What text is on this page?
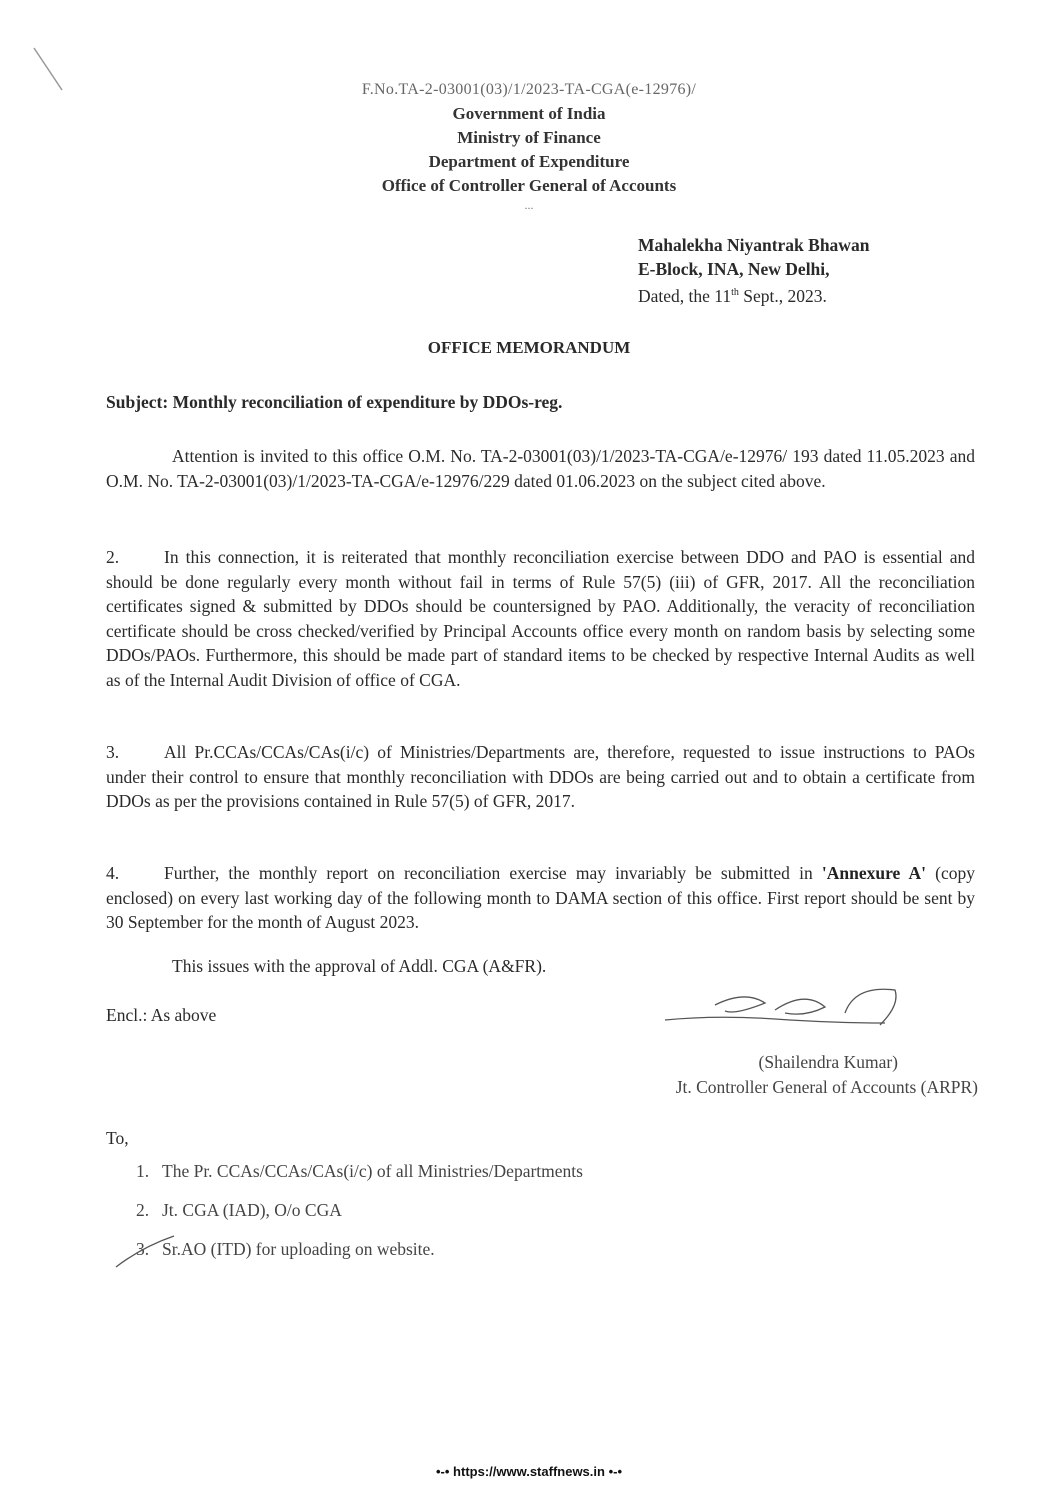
F.No.TA-2-03001(03)/1/2023-TA-CGA(e-12976)/
Government of India
Ministry of Finance
Department of Expenditure
Office of Controller General of Accounts
...
Mahalekha Niyantrak Bhawan
E-Block, INA, New Delhi,
Dated, the 11th Sept., 2023.
OFFICE MEMORANDUM
Subject: Monthly reconciliation of expenditure by DDOs-reg.
Attention is invited to this office O.M. No. TA-2-03001(03)/1/2023-TA-CGA/e-12976/ 193 dated 11.05.2023 and O.M. No. TA-2-03001(03)/1/2023-TA-CGA/e-12976/229 dated 01.06.2023 on the subject cited above.
2.	In this connection, it is reiterated that monthly reconciliation exercise between DDO and PAO is essential and should be done regularly every month without fail in terms of Rule 57(5) (iii) of GFR, 2017. All the reconciliation certificates signed & submitted by DDOs should be countersigned by PAO. Additionally, the veracity of reconciliation certificate should be cross checked/verified by Principal Accounts office every month on random basis by selecting some DDOs/PAOs. Furthermore, this should be made part of standard items to be checked by respective Internal Audits as well as of the Internal Audit Division of office of CGA.
3.	All Pr.CCAs/CCAs/CAs(i/c) of Ministries/Departments are, therefore, requested to issue instructions to PAOs under their control to ensure that monthly reconciliation with DDOs are being carried out and to obtain a certificate from DDOs as per the provisions contained in Rule 57(5) of GFR, 2017.
4.	Further, the monthly report on reconciliation exercise may invariably be submitted in 'Annexure A' (copy enclosed) on every last working day of the following month to DAMA section of this office. First report should be sent by 30 September for the month of August 2023.
This issues with the approval of Addl. CGA (A&FR).
Encl.: As above
(Shailendra Kumar)
Jt. Controller General of Accounts (ARPR)
To,
1. The Pr. CCAs/CCAs/CAs(i/c) of all Ministries/Departments
2. Jt. CGA (IAD), O/o CGA
3. Sr.AO (ITD) for uploading on website.
•-• https://www.staffnews.in •-•
